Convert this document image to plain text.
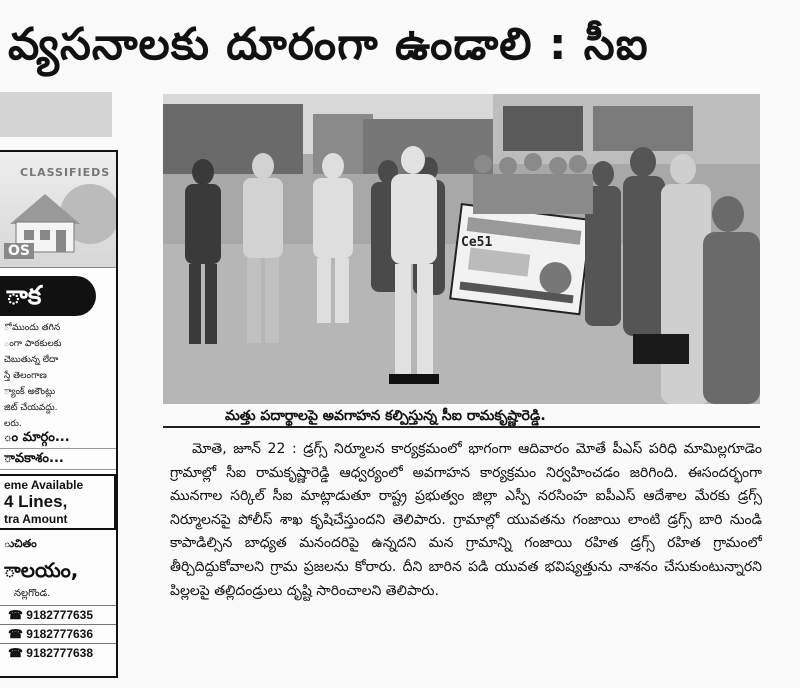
వ్యసనాలకు దూరంగా ఉండాలి : సీఐ
CLASSIFIEDS
OS
ాక
ో ముందు తగిన
ంగా పాఠకులకు
చెబుతున్న లేదా
స్తే తెలంగాణ
్యాంక్ అకౌంట్లు
జిట్ చేయవద్దు.
లరు.
ం మార్గం...
ావకాశం...
eme Available
4 Lines,
tra Amount
ుచితం
ాలయం,
నల్లగొండ.
☎ 9182777635
☎ 9182777636
☎ 9182777638
Ce51
మత్తు పదార్థాలపై అవగాహన కల్పిస్తున్న సీఐ రామకృష్ణారెడ్డి.

మోతె, జూన్ 22 : డ్రగ్స్ నిర్మూలన కార్యక్రమంలో భాగంగా ఆదివారం మోతే పీఎస్ పరిధి మామిల్లగూడెం గ్రామాల్లో సీఐ రామకృష్ణారెడ్డి ఆధ్వర్యంలో అవగాహన కార్యక్రమం నిర్వహించడం జరిగింది. ఈసందర్భంగా మునగాల సర్కిల్ సీఐ మాట్లాడుతూ రాష్ట్ర ప్రభుత్వం జిల్లా ఎస్పీ నరసింహ ఐపీఎస్ ఆదేశాల మేరకు డ్రగ్స్ నిర్మూలనపై పోలీస్ శాఖ కృషిచేస్తుందని తెలిపారు. గ్రామాల్లో యువతను గంజాయి లాంటి డ్రగ్స్ బారి నుండి కాపాడిల్సిన బాధ్యత మనందరిపై ఉన్నదని మన గ్రామాన్ని గంజాయి రహిత డ్రగ్స్ రహిత గ్రామంలో తీర్చిదిద్దుకోవాలని గ్రామ ప్రజలను కోరారు. దీని బారిన పడి యువత భవిష్యత్తును నాశనం చేసుకుంటున్నారని పిల్లలపై తల్లిదండ్రులు దృష్టి సారించాలని తెలిపారు.
